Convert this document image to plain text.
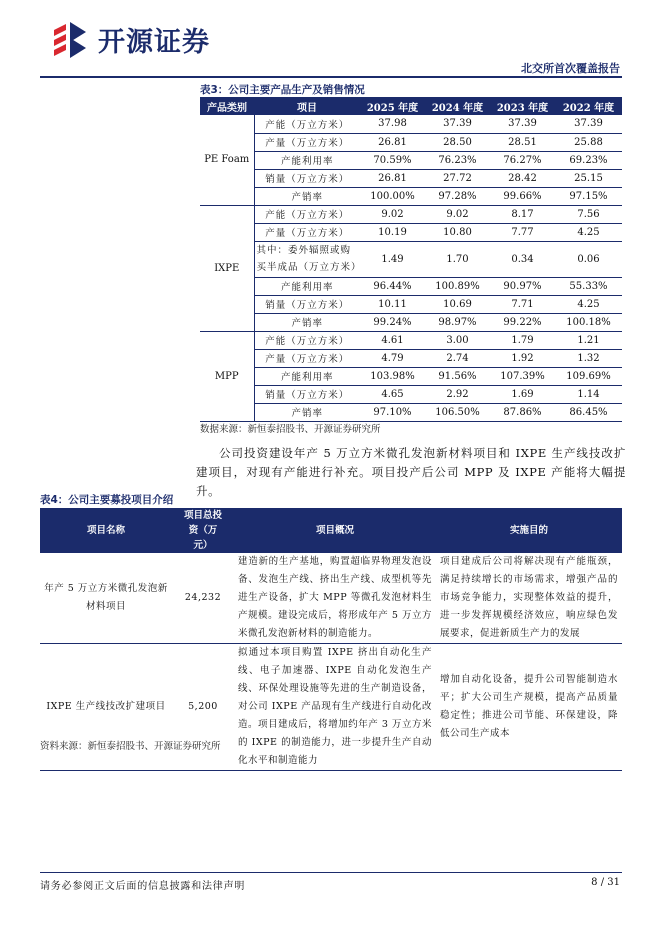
开源证券
北交所首次覆盖报告
表3：公司主要产品生产及销售情况
产品类别	项目	2025 年度	2024 年度	2023 年度	2022 年度
PE Foam	产能（万立方米）	37.98	37.39	37.39	37.39
	产量（万立方米）	26.81	28.50	28.51	25.88
	产能利用率	70.59%	76.23%	76.27%	69.23%
	销量（万立方米）	26.81	27.72	28.42	25.15
	产销率	100.00%	97.28%	99.66%	97.15%
IXPE	产能（万立方米）	9.02	9.02	8.17	7.56
	产量（万立方米）	10.19	10.80	7.77	4.25
	其中：委外辐照或购买半成品（万立方米）	1.49	1.70	0.34	0.06
	产能利用率	96.44%	100.89%	90.97%	55.33%
	销量（万立方米）	10.11	10.69	7.71	4.25
	产销率	99.24%	98.97%	99.22%	100.18%
MPP	产能（万立方米）	4.61	3.00	1.79	1.21
	产量（万立方米）	4.79	2.74	1.92	1.32
	产能利用率	103.98%	91.56%	107.39%	109.69%
	销量（万立方米）	4.65	2.92	1.69	1.14
	产销率	97.10%	106.50%	87.86%	86.45%
数据来源：新恒泰招股书、开源证券研究所

公司投资建设年产 5 万立方米微孔发泡新材料项目和 IXPE 生产线技改扩建项目，对现有产能进行补充。项目投产后公司 MPP 及 IXPE 产能将大幅提升。

表4：公司主要募投项目介绍
项目名称	项目总投资（万元）	项目概况	实施目的
年产 5 万立方米微孔发泡新材料项目	24,232	建造新的生产基地，购置超临界物理发泡设备、发泡生产线、挤出生产线、成型机等先进生产设备，扩大 MPP 等微孔发泡材料生产规模。建设完成后，将形成年产 5 万立方米微孔发泡新材料的制造能力。	项目建成后公司将解决现有产能瓶颈，满足持续增长的市场需求，增强产品的市场竞争能力，实现整体效益的提升，进一步发挥规模经济效应，响应绿色发展要求，促进新质生产力的发展
IXPE 生产线技改扩建项目	5,200	拟通过本项目购置 IXPE 挤出自动化生产线、电子加速器、IXPE 自动化发泡生产线、环保处理设施等先进的生产制造设备，对公司 IXPE 产品现有生产线进行自动化改造。项目建成后，将增加约年产 3 万立方米的 IXPE 的制造能力，进一步提升生产自动化水平和制造能力	增加自动化设备，提升公司智能制造水平；扩大公司生产规模，提高产品质量稳定性；推进公司节能、环保建设，降低公司生产成本
资料来源：新恒泰招股书、开源证券研究所
请务必参阅正文后面的信息披露和法律声明	8 / 31
